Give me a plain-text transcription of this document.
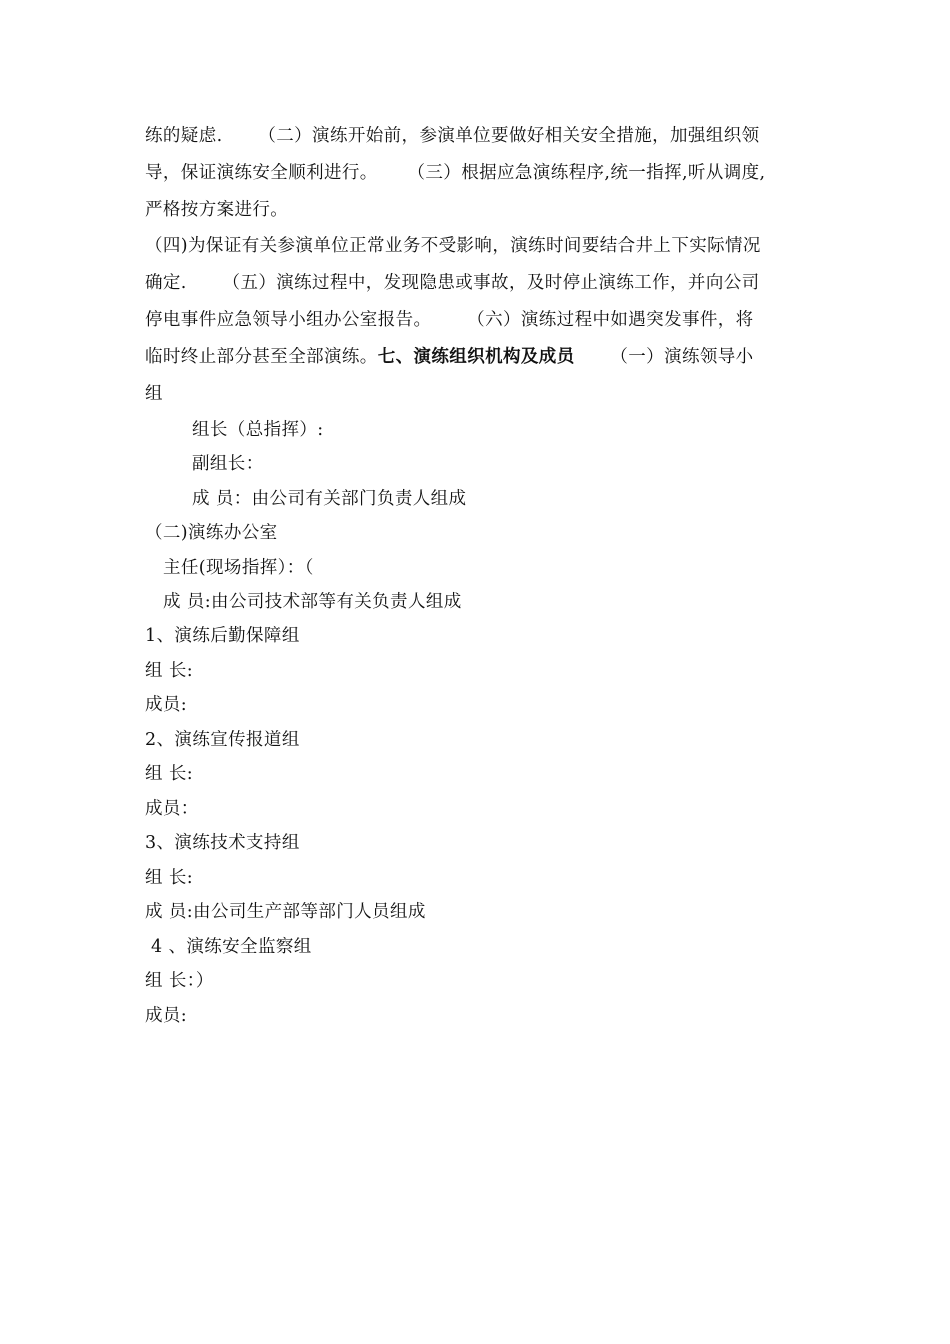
练的疑虑.      （二）演练开始前，参演单位要做好相关安全措施，加强组织领
导，保证演练安全顺利进行。     （三）根据应急演练程序,统一指挥,听从调度,
严格按方案进行。
（四)为保证有关参演单位正常业务不受影响，演练时间要结合井上下实际情况
确定.      （五）演练过程中，发现隐患或事故，及时停止演练工作，并向公司
停电事件应急领导小组办公室报告。      （六）演练过程中如遇突发事件，将
临时终止部分甚至全部演练。七、演练组织机构及成员      （一）演练领导小
组
组长（总指挥）:
副组长：
成 员：由公司有关部门负责人组成
（二)演练办公室
主任(现场指挥）：（
成 员:由公司技术部等有关负责人组成
1、演练后勤保障组
组 长:
成员:
2、演练宣传报道组
组 长:
成员：
3、演练技术支持组
组 长:
成 员:由公司生产部等部门人员组成
4 、演练安全监察组
组 长：）
成员:
